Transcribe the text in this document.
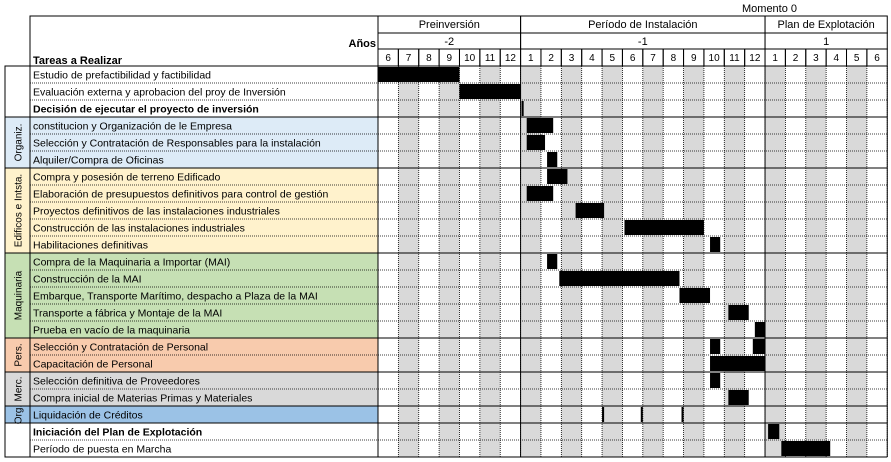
Momento 0
Años
Tareas a Realizar
Organiz.
Edificos e Intsta.
Maquinaria
Pers.
Merc.
Org.
Preinversión
-2
6 7 8 9 10 11 12
Período de Instalación
-1
1 2 3 4 5 6 7 8 9 10 11 12
Plan de Explotación
1
1 2 3 4 5 6
Estudio de prefactibilidad y factibilidad
Evaluación externa y aprobacion del proy de Inversión
Decisión de ejecutar el proyecto de inversión
constitucion y Organización de le Empresa
Selección y Contratación de Responsables para la instalación
Alquiler/Compra de Oficinas
Compra y posesión de terreno Edificado
Elaboración de presupuestos definitivos para control de gestión
Proyectos definitivos de las instalaciones industriales
Construcción de las instalaciones industriales
Habilitaciones definitivas
Compra de la Maquinaria a Importar (MAI)
Construcción de la MAI
Embarque, Transporte Marítimo, despacho a Plaza de la MAI
Transporte a fábrica y Montaje de la MAI
Prueba en vacío de la maquinaria
Selección y Contratación de Personal
Capacitación de Personal
Selección definitiva de Proveedores
Compra inicial de Materias Primas y Materiales
Liquidación de Créditos
Iniciación del Plan de Explotación
Período de puesta en Marcha
